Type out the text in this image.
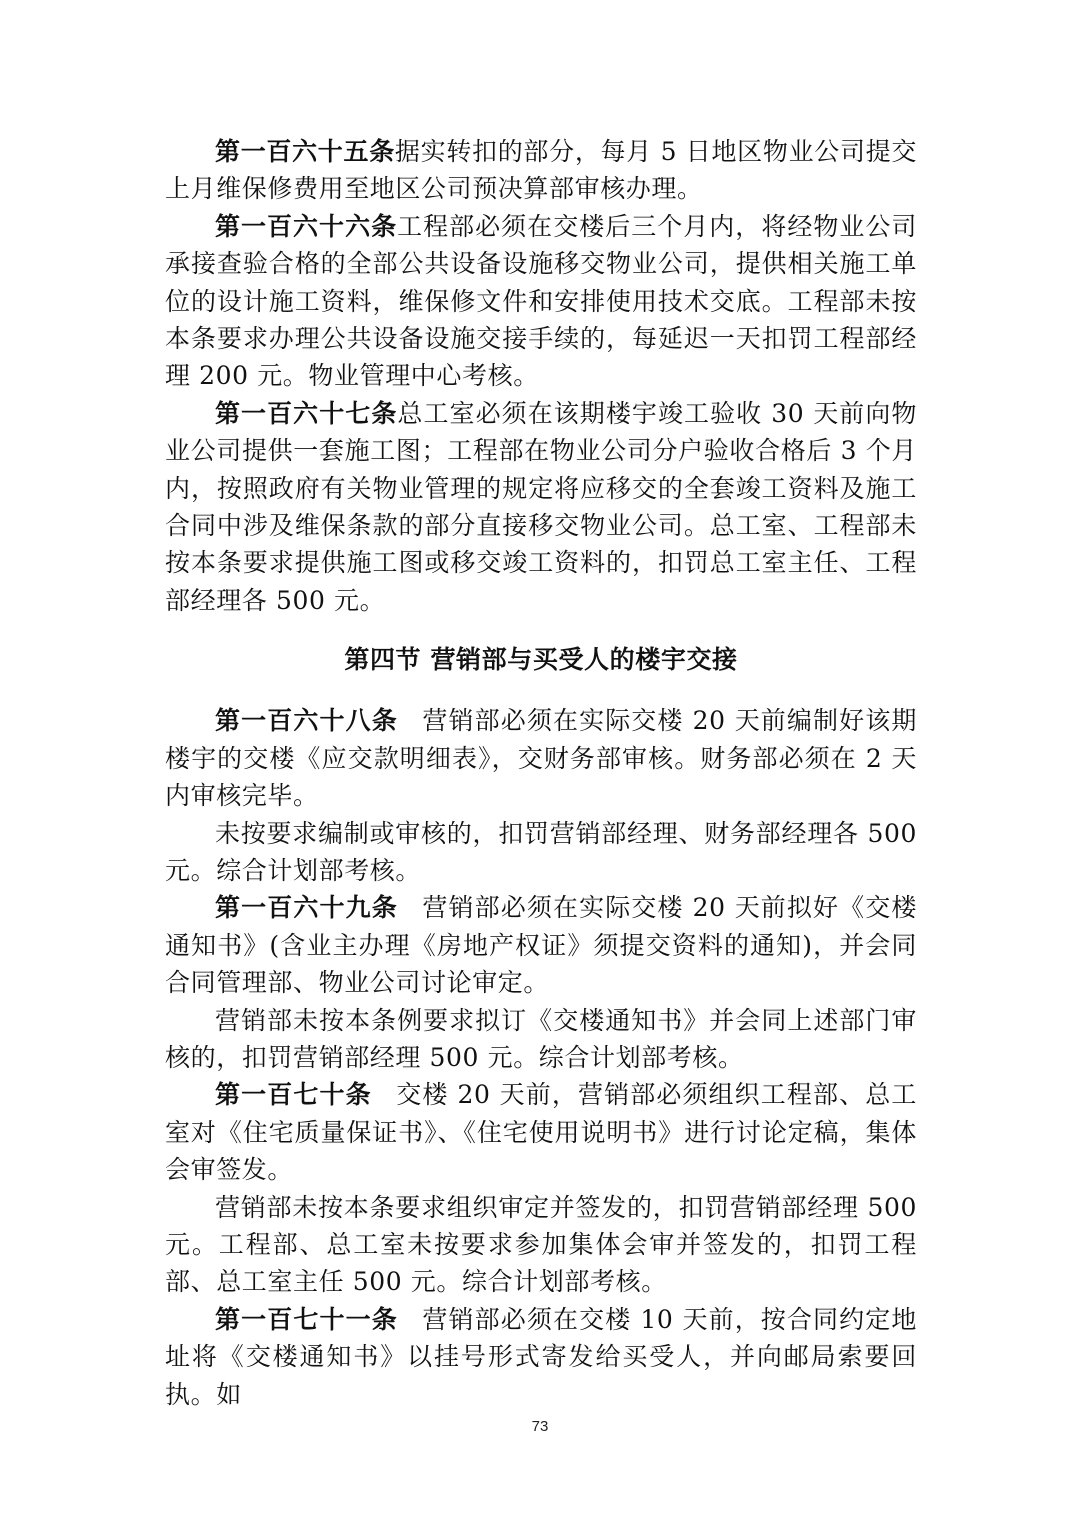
第一百六十五条据实转扣的部分，每月 5 日地区物业公司提交上月维保修费用至地区公司预决算部审核办理。

第一百六十六条工程部必须在交楼后三个月内，将经物业公司承接查验合格的全部公共设备设施移交物业公司，提供相关施工单位的设计施工资料，维保修文件和安排使用技术交底。工程部未按本条要求办理公共设备设施交接手续的，每延迟一天扣罚工程部经理 200 元。物业管理中心考核。

第一百六十七条总工室必须在该期楼宇竣工验收 30 天前向物业公司提供一套施工图；工程部在物业公司分户验收合格后 3 个月内，按照政府有关物业管理的规定将应移交的全套竣工资料及施工合同中涉及维保条款的部分直接移交物业公司。总工室、工程部未按本条要求提供施工图或移交竣工资料的，扣罚总工室主任、工程部经理各 500 元。

第四节 营销部与买受人的楼宇交接

第一百六十八条 营销部必须在实际交楼 20 天前编制好该期楼宇的交楼《应交款明细表》，交财务部审核。财务部必须在 2 天内审核完毕。

未按要求编制或审核的，扣罚营销部经理、财务部经理各 500 元。综合计划部考核。

第一百六十九条 营销部必须在实际交楼 20 天前拟好《交楼通知书》(含业主办理《房地产权证》须提交资料的通知)，并会同合同管理部、物业公司讨论审定。

营销部未按本条例要求拟订《交楼通知书》并会同上述部门审核的，扣罚营销部经理 500 元。综合计划部考核。

第一百七十条 交楼 20 天前，营销部必须组织工程部、总工室对《住宅质量保证书》、《住宅使用说明书》进行讨论定稿，集体会审签发。

营销部未按本条要求组织审定并签发的，扣罚营销部经理 500 元。工程部、总工室未按要求参加集体会审并签发的，扣罚工程部、总工室主任 500 元。综合计划部考核。

第一百七十一条 营销部必须在交楼 10 天前，按合同约定地址将《交楼通知书》以挂号形式寄发给买受人，并向邮局索要回执。如

73
